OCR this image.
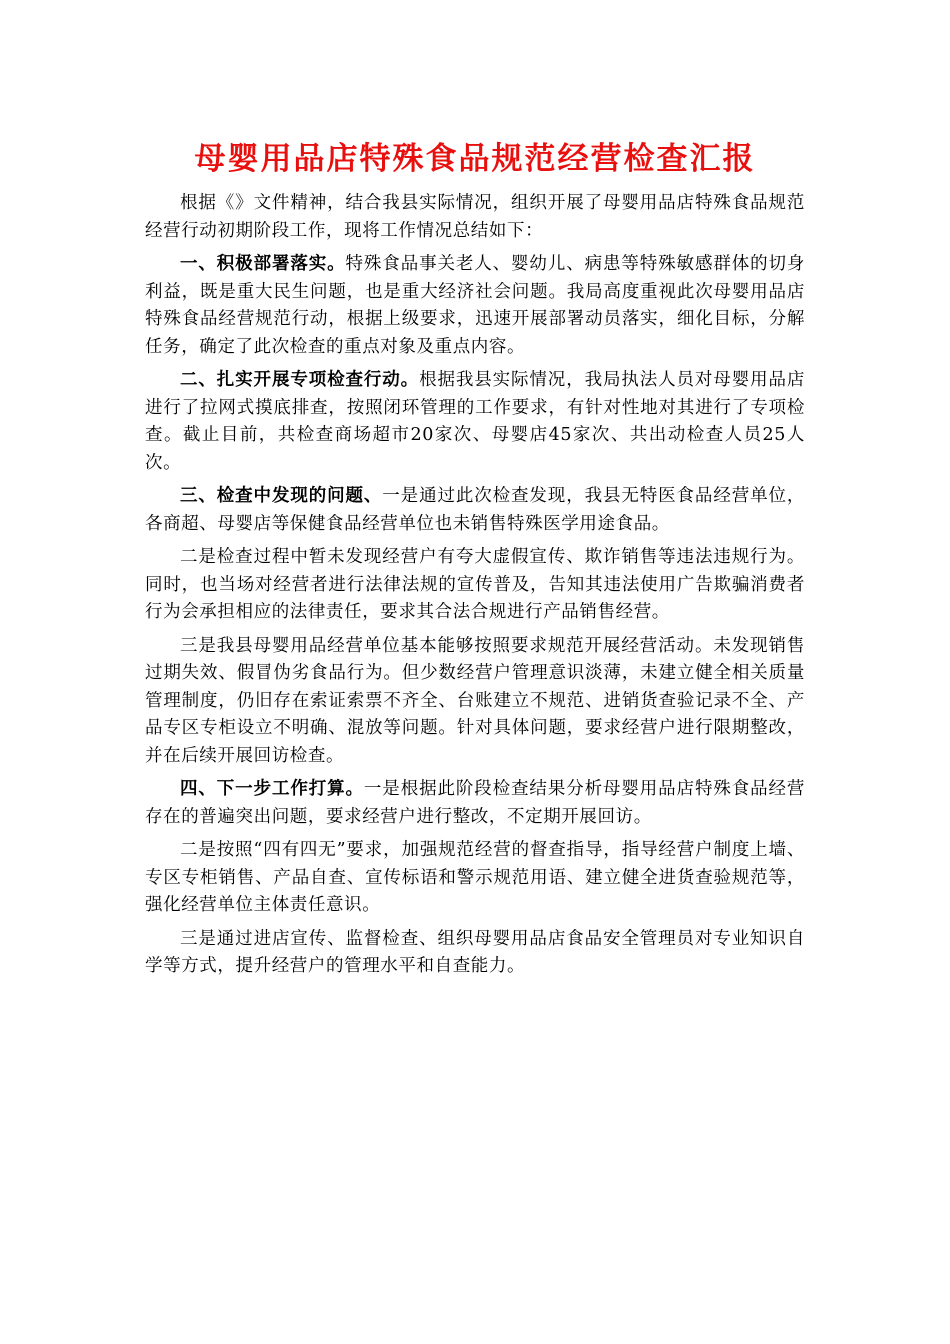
母婴用品店特殊食品规范经营检查汇报

根据《》文件精神，结合我县实际情况，组织开展了母婴用品店特殊食品规范经营行动初期阶段工作，现将工作情况总结如下：

一、积极部署落实。特殊食品事关老人、婴幼儿、病患等特殊敏感群体的切身利益，既是重大民生问题，也是重大经济社会问题。我局高度重视此次母婴用品店特殊食品经营规范行动，根据上级要求，迅速开展部署动员落实，细化目标，分解任务，确定了此次检查的重点对象及重点内容。

二、扎实开展专项检查行动。根据我县实际情况，我局执法人员对母婴用品店进行了拉网式摸底排查，按照闭环管理的工作要求，有针对性地对其进行了专项检查。截止目前，共检查商场超市20家次、母婴店45家次、共出动检查人员25人次。

三、检查中发现的问题、一是通过此次检查发现，我县无特医食品经营单位，各商超、母婴店等保健食品经营单位也未销售特殊医学用途食品。

二是检查过程中暂未发现经营户有夸大虚假宣传、欺诈销售等违法违规行为。同时，也当场对经营者进行法律法规的宣传普及，告知其违法使用广告欺骗消费者行为会承担相应的法律责任，要求其合法合规进行产品销售经营。

三是我县母婴用品经营单位基本能够按照要求规范开展经营活动。未发现销售过期失效、假冒伪劣食品行为。但少数经营户管理意识淡薄，未建立健全相关质量管理制度，仍旧存在索证索票不齐全、台账建立不规范、进销货查验记录不全、产品专区专柜设立不明确、混放等问题。针对具体问题，要求经营户进行限期整改，并在后续开展回访检查。

四、下一步工作打算。一是根据此阶段检查结果分析母婴用品店特殊食品经营存在的普遍突出问题，要求经营户进行整改，不定期开展回访。

二是按照“四有四无”要求，加强规范经营的督查指导，指导经营户制度上墙、专区专柜销售、产品自查、宣传标语和警示规范用语、建立健全进货查验规范等，强化经营单位主体责任意识。

三是通过进店宣传、监督检查、组织母婴用品店食品安全管理员对专业知识自学等方式，提升经营户的管理水平和自查能力。
